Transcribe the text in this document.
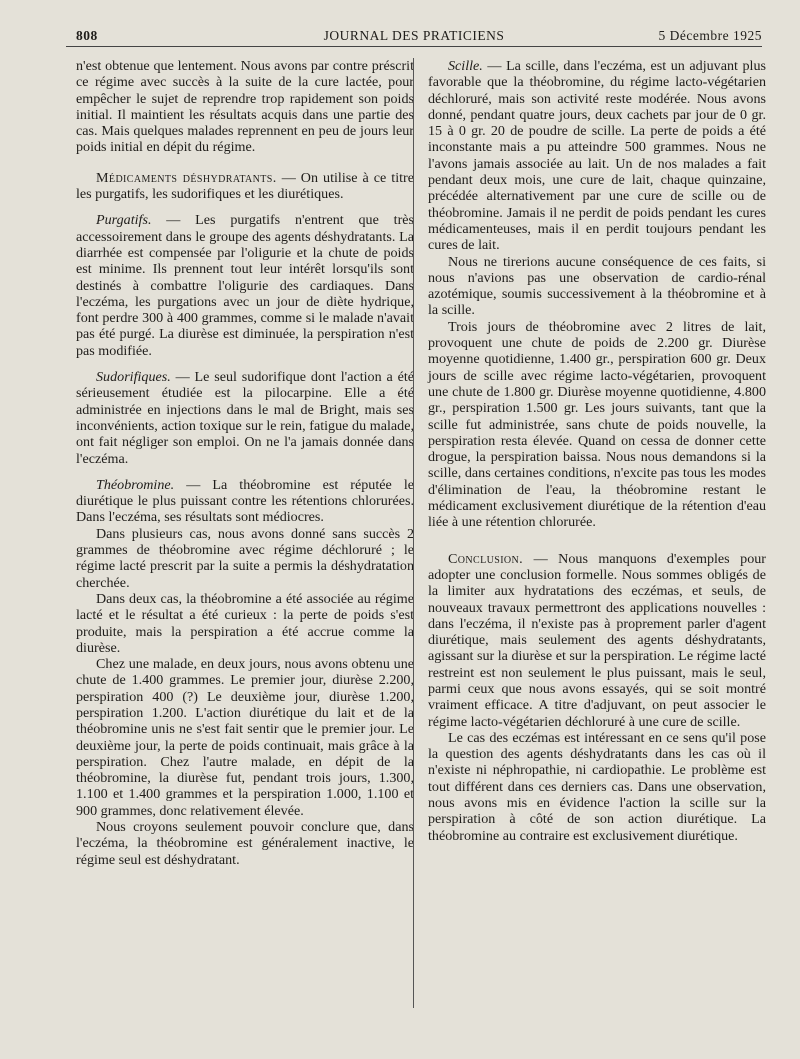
808	JOURNAL DES PRATICIENS	5 Décembre 1925

n'est obtenue que lentement. Nous avons par contre préscrit ce régime avec succès à la suite de la cure lactée, pour empêcher le sujet de reprendre trop rapidement son poids initial. Il maintient les résultats acquis dans une partie des cas. Mais quelques malades reprennent en peu de jours leur poids initial en dépit du régime.

Médicaments déshydratants. — On utilise à ce titre les purgatifs, les sudorifiques et les diurétiques.

Purgatifs. — Les purgatifs n'entrent que très accessoirement dans le groupe des agents déshydratants. La diarrhée est compensée par l'oligurie et la chute de poids est minime. Ils prennent tout leur intérêt lorsqu'ils sont destinés à combattre l'oligurie des cardiaques. Dans l'eczéma, les purgations avec un jour de diète hydrique, font perdre 300 à 400 grammes, comme si le malade n'avait pas été purgé. La diurèse est diminuée, la perspiration n'est pas modifiée.

Sudorifiques. — Le seul sudorifique dont l'action a été sérieusement étudiée est la pilocarpine. Elle a été administrée en injections dans le mal de Bright, mais ses inconvénients, action toxique sur le rein, fatigue du malade, ont fait négliger son emploi. On ne l'a jamais donnée dans l'eczéma.

Théobromine. — La théobromine est réputée le diurétique le plus puissant contre les rétentions chlorurées. Dans l'eczéma, ses résultats sont médiocres.

Dans plusieurs cas, nous avons donné sans succès 2 grammes de théobromine avec régime déchloruré ; le régime lacté prescrit par la suite a permis la déshydratation cherchée.

Dans deux cas, la théobromine a été associée au régime lacté et le résultat a été curieux : la perte de poids s'est produite, mais la perspiration a été accrue comme la diurèse.

Chez une malade, en deux jours, nous avons obtenu une chute de 1.400 grammes. Le premier jour, diurèse 2.200, perspiration 400 (?) Le deuxième jour, diurèse 1.200, perspiration 1.200. L'action diurétique du lait et de la théobromine unis ne s'est fait sentir que le premier jour. Le deuxième jour, la perte de poids continuait, mais grâce à la perspiration. Chez l'autre malade, en dépit de la théobromine, la diurèse fut, pendant trois jours, 1.300, 1.100 et 1.400 grammes et la perspiration 1.000, 1.100 et 900 grammes, donc relativement élevée.

Nous croyons seulement pouvoir conclure que, dans l'eczéma, la théobromine est généralement inactive, le régime seul est déshydratant.

Scille. — La scille, dans l'eczéma, est un adjuvant plus favorable que la théobromine, du régime lacto-végétarien déchloruré, mais son activité reste modérée. Nous avons donné, pendant quatre jours, deux cachets par jour de 0 gr. 15 à 0 gr. 20 de poudre de scille. La perte de poids a été inconstante mais a pu atteindre 500 grammes. Nous ne l'avons jamais associée au lait. Un de nos malades a fait pendant deux mois, une cure de lait, chaque quinzaine, précédée alternativement par une cure de scille ou de théobromine. Jamais il ne perdit de poids pendant les cures médicamenteuses, mais il en perdit toujours pendant les cures de lait.

Nous ne tirerions aucune conséquence de ces faits, si nous n'avions pas une observation de cardio-rénal azotémique, soumis successivement à la théobromine et à la scille.

Trois jours de théobromine avec 2 litres de lait, provoquent une chute de poids de 2.200 gr. Diurèse moyenne quotidienne, 1.400 gr., perspiration 600 gr. Deux jours de scille avec régime lacto-végétarien, provoquent une chute de 1.800 gr. Diurèse moyenne quotidienne, 4.800 gr., perspiration 1.500 gr. Les jours suivants, tant que la scille fut administrée, sans chute de poids nouvelle, la perspiration resta élevée. Quand on cessa de donner cette drogue, la perspiration baissa. Nous nous demandons si la scille, dans certaines conditions, n'excite pas tous les modes d'élimination de l'eau, la théobromine restant le médicament exclusivement diurétique de la rétention d'eau liée à une rétention chlorurée.

Conclusion. — Nous manquons d'exemples pour adopter une conclusion formelle. Nous sommes obligés de la limiter aux hydratations des eczémas, et seuls, de nouveaux travaux permettront des applications nouvelles : dans l'eczéma, il n'existe pas à proprement parler d'agent diurétique, mais seulement des agents déshydratants, agissant sur la diurèse et sur la perspiration. Le régime lacté restreint est non seulement le plus puissant, mais le seul, parmi ceux que nous avons essayés, qui se soit montré vraiment efficace. A titre d'adjuvant, on peut associer le régime lacto-végétarien déchloruré à une cure de scille.

Le cas des eczémas est intéressant en ce sens qu'il pose la question des agents déshydratants dans les cas où il n'existe ni néphropathie, ni cardiopathie. Le problème est tout différent dans ces derniers cas. Dans une observation, nous avons mis en évidence l'action la scille sur la perspiration à côté de son action diurétique. La théobromine au contraire est exclusivement diurétique.
